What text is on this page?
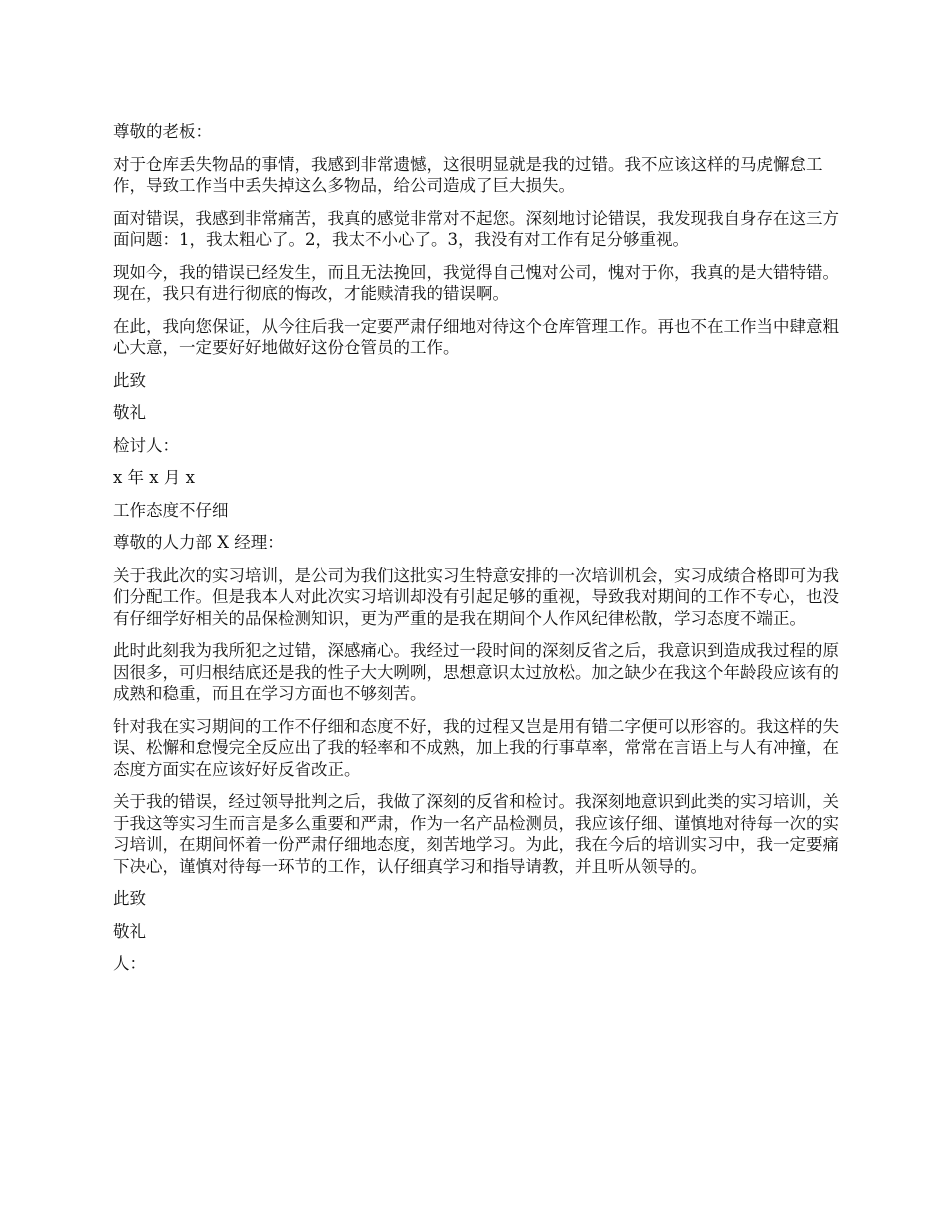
尊敬的老板：

对于仓库丢失物品的事情，我感到非常遗憾，这很明显就是我的过错。我不应该这样的马虎懈怠工作，导致工作当中丢失掉这么多物品，给公司造成了巨大损失。

面对错误，我感到非常痛苦，我真的感觉非常对不起您。深刻地讨论错误，我发现我自身存在这三方面问题：1，我太粗心了。2，我太不小心了。3，我没有对工作有足分够重视。

现如今，我的错误已经发生，而且无法挽回，我觉得自己愧对公司，愧对于你，我真的是大错特错。现在，我只有进行彻底的悔改，才能赎清我的错误啊。

在此，我向您保证，从今往后我一定要严肃仔细地对待这个仓库管理工作。再也不在工作当中肆意粗心大意，一定要好好地做好这份仓管员的工作。

此致

敬礼

检讨人：

x 年 x 月 x

工作态度不仔细

尊敬的人力部 X 经理：

关于我此次的实习培训，是公司为我们这批实习生特意安排的一次培训机会，实习成绩合格即可为我们分配工作。但是我本人对此次实习培训却没有引起足够的重视，导致我对期间的工作不专心，也没有仔细学好相关的品保检测知识，更为严重的是我在期间个人作风纪律松散，学习态度不端正。

此时此刻我为我所犯之过错，深感痛心。我经过一段时间的深刻反省之后，我意识到造成我过程的原因很多，可归根结底还是我的性子大大咧咧，思想意识太过放松。加之缺少在我这个年龄段应该有的成熟和稳重，而且在学习方面也不够刻苦。

针对我在实习期间的工作不仔细和态度不好，我的过程又岂是用有错二字便可以形容的。我这样的失误、松懈和怠慢完全反应出了我的轻率和不成熟，加上我的行事草率，常常在言语上与人有冲撞，在态度方面实在应该好好反省改正。

关于我的错误，经过领导批判之后，我做了深刻的反省和检讨。我深刻地意识到此类的实习培训，关于我这等实习生而言是多么重要和严肃，作为一名产品检测员，我应该仔细、谨慎地对待每一次的实习培训，在期间怀着一份严肃仔细地态度，刻苦地学习。为此，我在今后的培训实习中，我一定要痛下决心，谨慎对待每一环节的工作，认仔细真学习和指导请教，并且听从领导的。

此致

敬礼

人：
